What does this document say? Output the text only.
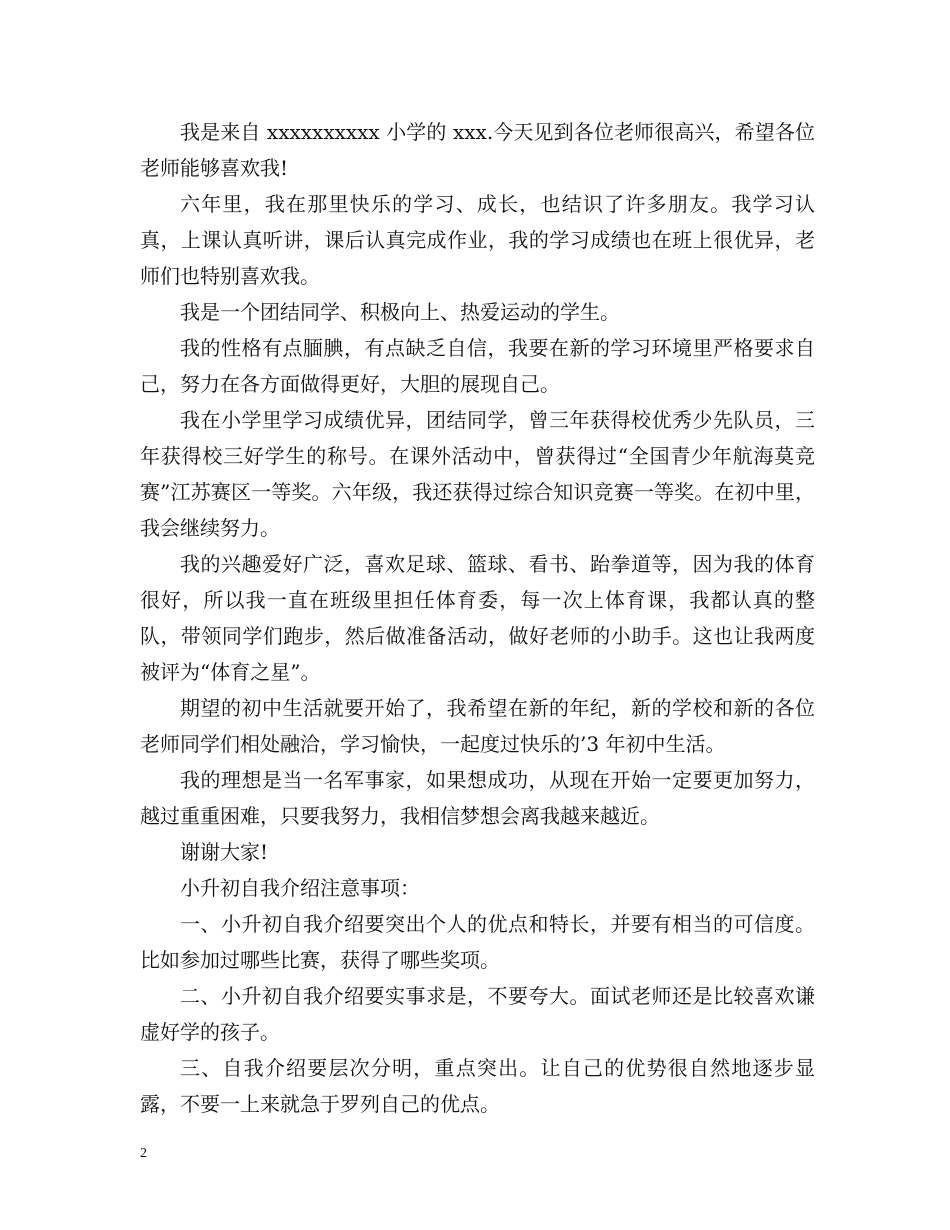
我是来自 xxxxxxxxxx 小学的 xxx.今天见到各位老师很高兴，希望各位老师能够喜欢我!

六年里，我在那里快乐的学习、成长，也结识了许多朋友。我学习认真，上课认真听讲，课后认真完成作业，我的学习成绩也在班上很优异，老师们也特别喜欢我。

我是一个团结同学、积极向上、热爱运动的学生。

我的性格有点腼腆，有点缺乏自信，我要在新的学习环境里严格要求自己，努力在各方面做得更好，大胆的展现自己。

我在小学里学习成绩优异，团结同学，曾三年获得校优秀少先队员，三年获得校三好学生的称号。在课外活动中，曾获得过“全国青少年航海莫竞赛”江苏赛区一等奖。六年级，我还获得过综合知识竞赛一等奖。在初中里，我会继续努力。

我的兴趣爱好广泛，喜欢足球、篮球、看书、跆拳道等，因为我的体育很好，所以我一直在班级里担任体育委，每一次上体育课，我都认真的整队，带领同学们跑步，然后做准备活动，做好老师的小助手。这也让我两度被评为“体育之星”。

期望的初中生活就要开始了，我希望在新的年纪，新的学校和新的各位老师同学们相处融洽，学习愉快，一起度过快乐的’3 年初中生活。

我的理想是当一名军事家，如果想成功，从现在开始一定要更加努力，越过重重困难，只要我努力，我相信梦想会离我越来越近。

谢谢大家!

小升初自我介绍注意事项：

一、小升初自我介绍要突出个人的优点和特长，并要有相当的可信度。比如参加过哪些比赛，获得了哪些奖项。

二、小升初自我介绍要实事求是，不要夸大。面试老师还是比较喜欢谦虚好学的孩子。

三、自我介绍要层次分明，重点突出。让自己的优势很自然地逐步显露，不要一上来就急于罗列自己的优点。

2
